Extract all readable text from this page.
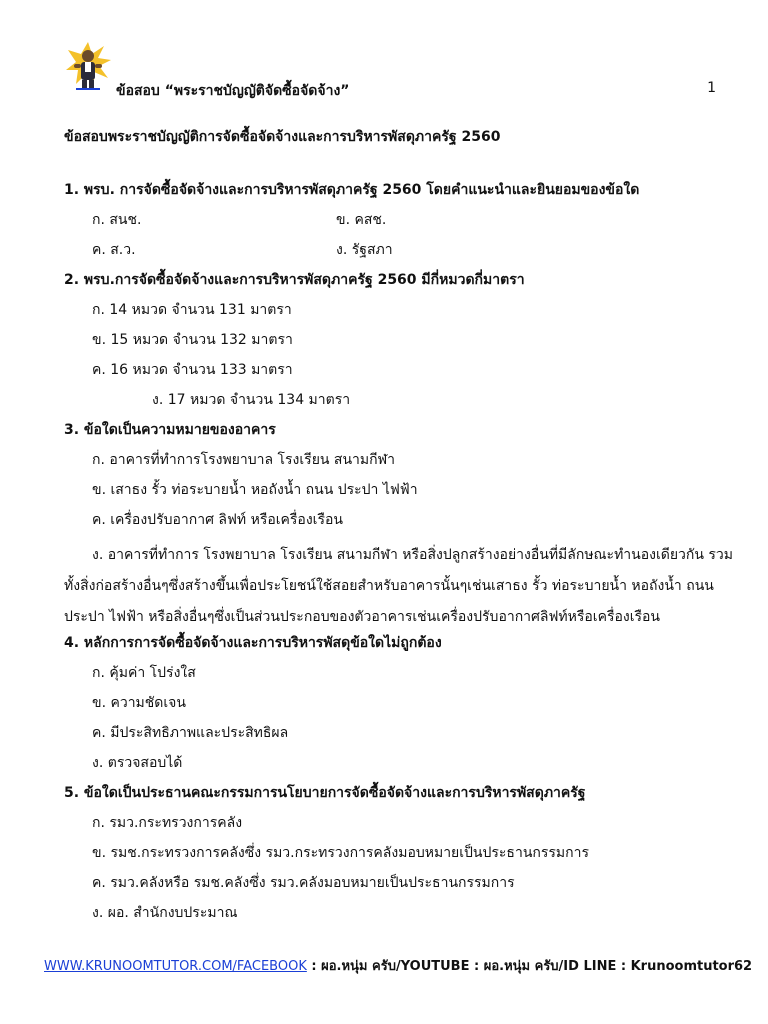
ข้อสอบ “พระราชบัญญัติจัดซื้อจัดจ้าง”	1
ข้อสอบพระราชบัญญัติการจัดซื้อจัดจ้างและการบริหารพัสดุภาครัฐ 2560
1. พรบ. การจัดซื้อจัดจ้างและการบริหารพัสดุภาครัฐ 2560 โดยคำแนะนำและยินยอมของข้อใด
ก. สนช.	ข. คสช.
ค. ส.ว.	ง. รัฐสภา
2. พรบ.การจัดซื้อจัดจ้างและการบริหารพัสดุภาครัฐ 2560 มีกี่หมวดกี่มาตรา
ก. 14 หมวด จำนวน 131 มาตรา
ข. 15 หมวด จำนวน 132 มาตรา
ค. 16 หมวด จำนวน 133 มาตรา
ง. 17 หมวด จำนวน 134 มาตรา
3. ข้อใดเป็นความหมายของอาคาร
ก. อาคารที่ทำการโรงพยาบาล โรงเรียน สนามกีฬา
ข. เสาธง รั้ว ท่อระบายน้ำ หอถังน้ำ ถนน ประปา ไฟฟ้า
ค. เครื่องปรับอากาศ ลิฟท์ หรือเครื่องเรือน
ง. อาคารที่ทำการ โรงพยาบาล โรงเรียน สนามกีฬา หรือสิ่งปลูกสร้างอย่างอื่นที่มีลักษณะทำนองเดียวกัน รวมทั้งสิ่งก่อสร้างอื่นๆซึ่งสร้างขึ้นเพื่อประโยชน์ใช้สอยสำหรับอาคารนั้นๆเช่นเสาธง รั้ว ท่อระบายน้ำ หอถังน้ำ ถนน ประปา ไฟฟ้า หรือสิ่งอื่นๆซึ่งเป็นส่วนประกอบของตัวอาคารเช่นเครื่องปรับอากาศลิฟท์หรือเครื่องเรือน
4. หลักการการจัดซื้อจัดจ้างและการบริหารพัสดุข้อใดไม่ถูกต้อง
ก. คุ้มค่า โปร่งใส
ข. ความชัดเจน
ค. มีประสิทธิภาพและประสิทธิผล
ง. ตรวจสอบได้
5. ข้อใดเป็นประธานคณะกรรมการนโยบายการจัดซื้อจัดจ้างและการบริหารพัสดุภาครัฐ
ก. รมว.กระทรวงการคลัง
ข. รมช.กระทรวงการคลังซึ่ง รมว.กระทรวงการคลังมอบหมายเป็นประธานกรรมการ
ค. รมว.คลังหรือ รมช.คลังซึ่ง รมว.คลังมอบหมายเป็นประธานกรรมการ
ง. ผอ. สำนักงบประมาณ
WWW.KRUNOOMTUTOR.COM/FACEBOOK : ผอ.หนุ่ม ครับ/YOUTUBE : ผอ.หนุ่ม ครับ/ID LINE : Krunoomtutor62
